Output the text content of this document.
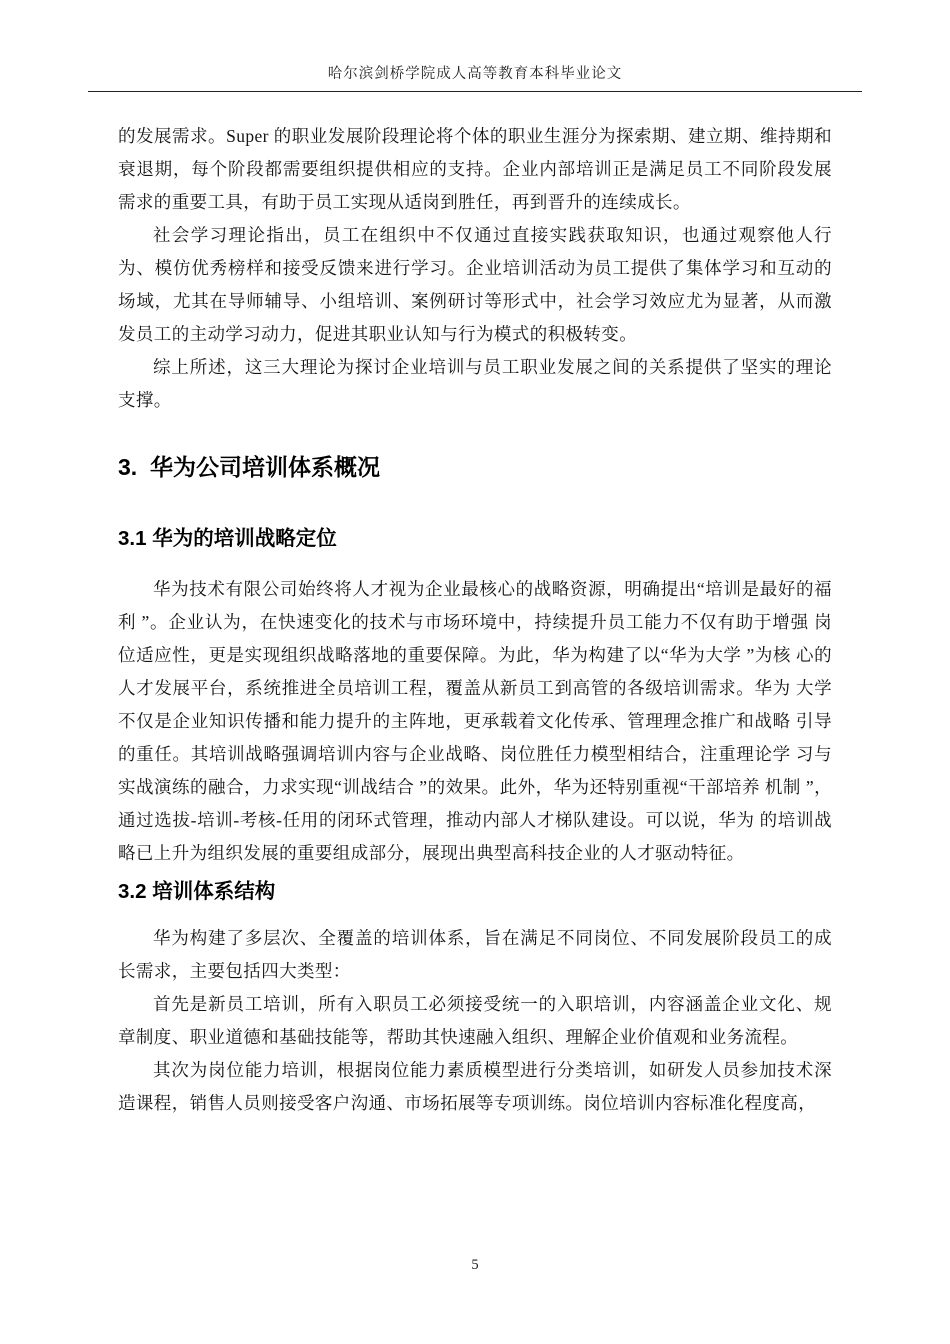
哈尔滨剑桥学院成人高等教育本科毕业论文

的发展需求。Super 的职业发展阶段理论将个体的职业生涯分为探索期、建立期、维持期和衰退期，每个阶段都需要组织提供相应的支持。企业内部培训正是满足员工不同阶段发展需求的重要工具，有助于员工实现从适岗到胜任，再到晋升的连续成长。

社会学习理论指出，员工在组织中不仅通过直接实践获取知识，也通过观察他人行为、模仿优秀榜样和接受反馈来进行学习。企业培训活动为员工提供了集体学习和互动的场域，尤其在导师辅导、小组培训、案例研讨等形式中，社会学习效应尤为显著，从而激发员工的主动学习动力，促进其职业认知与行为模式的积极转变。

综上所述，这三大理论为探讨企业培训与员工职业发展之间的关系提供了坚实的理论支撑。

3.  华为公司培训体系概况
3.1 华为的培训战略定位

华为技术有限公司始终将人才视为企业最核心的战略资源，明确提出“培训是最好的福利 ”。企业认为，在快速变化的技术与市场环境中，持续提升员工能力不仅有助于增强 岗位适应性，更是实现组织战略落地的重要保障。为此，华为构建了以“华为大学 ”为核 心的人才发展平台，系统推进全员培训工程，覆盖从新员工到高管的各级培训需求。华为 大学不仅是企业知识传播和能力提升的主阵地，更承载着文化传承、管理理念推广和战略 引导的重任。其培训战略强调培训内容与企业战略、岗位胜任力模型相结合，注重理论学 习与实战演练的融合，力求实现“训战结合 ”的效果。此外，华为还特别重视“干部培养 机制 ”，通过选拔-培训-考核-任用的闭环式管理，推动内部人才梯队建设。可以说，华为 的培训战略已上升为组织发展的重要组成部分，展现出典型高科技企业的人才驱动特征。

3.2 培训体系结构

华为构建了多层次、全覆盖的培训体系，旨在满足不同岗位、不同发展阶段员工的成长需求，主要包括四大类型：

首先是新员工培训，所有入职员工必须接受统一的入职培训，内容涵盖企业文化、规章制度、职业道德和基础技能等，帮助其快速融入组织、理解企业价值观和业务流程。

其次为岗位能力培训，根据岗位能力素质模型进行分类培训，如研发人员参加技术深造课程，销售人员则接受客户沟通、市场拓展等专项训练。岗位培训内容标准化程度高，

5
